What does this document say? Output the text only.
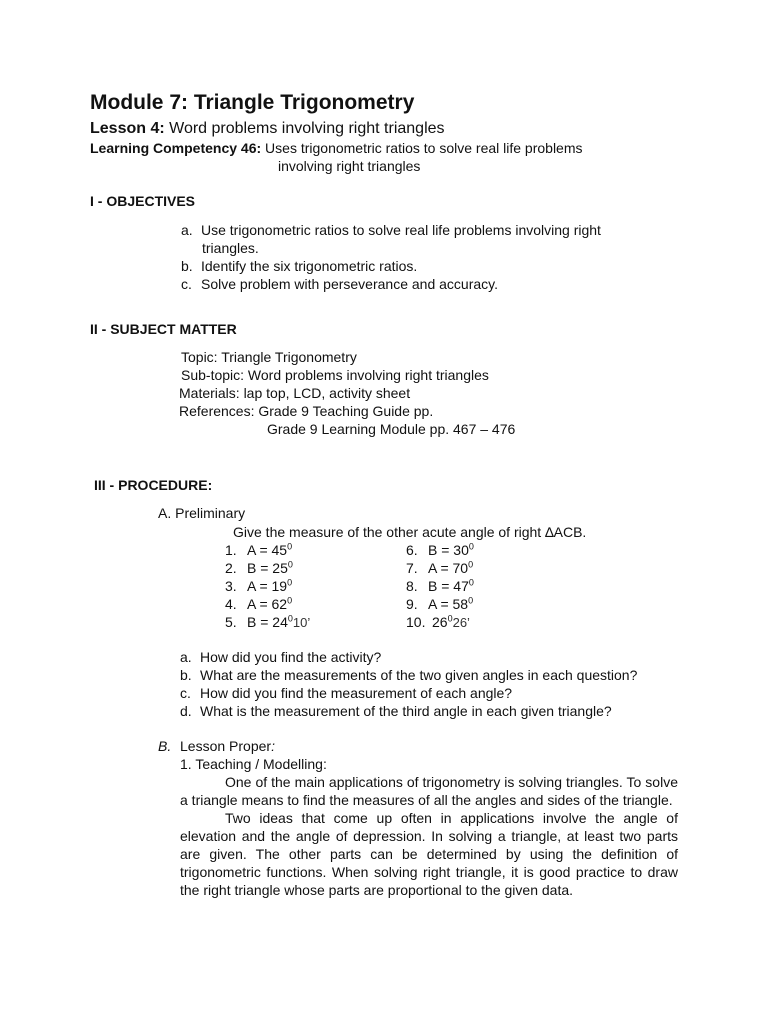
Module 7: Triangle Trigonometry
Lesson 4: Word problems involving right triangles
Learning Competency 46: Uses trigonometric ratios to solve real life problems
involving right triangles
I - OBJECTIVES
a. Use trigonometric ratios to solve real life problems involving right
triangles.
b. Identify the six trigonometric ratios.
c. Solve problem with perseverance and accuracy.
II - SUBJECT MATTER
Topic: Triangle Trigonometry
Sub-topic: Word problems involving right triangles
Materials: lap top, LCD, activity sheet
References: Grade 9 Teaching Guide pp.
Grade 9 Learning Module pp. 467 – 476
III - PROCEDURE:
A. Preliminary
Give the measure of the other acute angle of right ∆ACB.
1. $A = 45^0$
2. $B = 25^0$
3. $A = 19^0$
4. $A = 62^0$
5. $B = 24^010$’
6. $B = 30^0$
7. $A = 70^0$
8. $B = 47^0$
9. $A = 58^0$
10. $26^026$’
a. How did you find the activity?
b. What are the measurements of the two given angles in each question?
c. How did you find the measurement of each angle?
d. What is the measurement of the third angle in each given triangle?
B. Lesson Proper:
1. Teaching / Modelling:

One of the main applications of trigonometry is solving triangles. To solve a triangle means to find the measures of all the angles and sides of the triangle.

Two ideas that come up often in applications involve the angle of elevation and the angle of depression. In solving a triangle, at least two parts are given. The other parts can be determined by using the definition of trigonometric functions. When solving right triangle, it is good practice to draw the right triangle whose parts are proportional to the given data.
